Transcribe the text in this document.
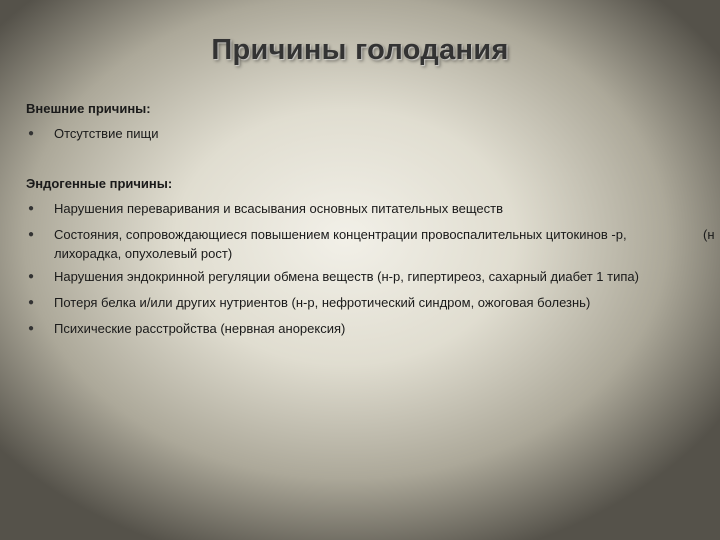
Причины голодания
Внешние причины:
●	Отсутствие пищи
Эндогенные причины:
●	Нарушения переваривания и всасывания основных питательных веществ
●	Состояния, сопровождающиеся повышением концентрации провоспалительных цитокинов -р, лихорадка, опухолевый рост)
(н
●	Нарушения эндокринной регуляции обмена веществ (н-р, гипертиреоз, сахарный диабет 1 типа)
●	Потеря белка и/или других нутриентов (н-р, нефротический синдром, ожоговая болезнь)
●	Психические расстройства (нервная анорексия)
